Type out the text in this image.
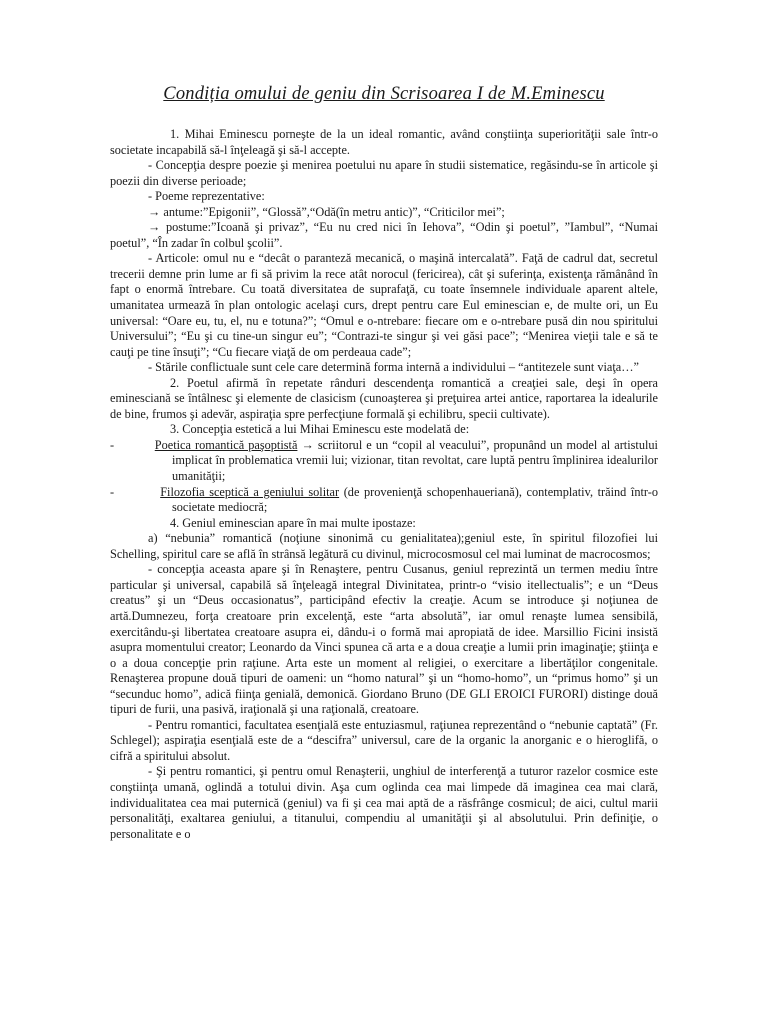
Condiția omului de geniu din Scrisoarea I de M.Eminescu

1. Mihai Eminescu porneşte de la un ideal romantic, având conştiinţa superiorităţii sale într-o societate incapabilă să-l înţeleagă şi să-l accepte.

- Concepţia despre poezie şi menirea poetului nu apare în studii sistematice, regăsindu-se în articole şi poezii din diverse perioade;

- Poeme reprezentative:

→ antume:”Epigonii”, “Glossă”,“Odă(în metru antic)”, “Criticilor mei”;

→ postume:”Icoană şi privaz”, “Eu nu cred nici în Iehova”, “Odin şi poetul”, ”Iambul”, “Numai poetul”, “În zadar în colbul şcolii”.

- Articole: omul nu e “decât o paranteză mecanică, o maşină intercalată”. Faţă de cadrul dat, secretul trecerii demne prin lume ar fi să privim la rece atât norocul (fericirea), cât şi suferinţa, existenţa rămânând în fapt o enormă întrebare. Cu toată diversitatea de suprafaţă, cu toate însemnele individuale aparent altele, umanitatea urmează în plan ontologic acelaşi curs, drept pentru care Eul eminescian e, de multe ori, un Eu universal: “Oare eu, tu, el, nu e totuna?”; “Omul e o-ntrebare: fiecare om e o-ntrebare pusă din nou spiritului Universului”; “Eu şi cu tine-un singur eu”; “Contrazi-te singur şi vei găsi pace”; “Menirea vieţii tale e să te cauţi pe tine însuţi”; “Cu fiecare viaţă de om perdeaua cade”;

- Stările conflictuale sunt cele care determină forma internă a individului – “antitezele sunt viaţa…”

2. Poetul afirmă în repetate rânduri descendenţa romantică a creaţiei sale, deşi în opera eminesciană se întâlnesc şi elemente de clasicism (cunoaşterea şi preţuirea artei antice, raportarea la idealurile de bine, frumos şi adevăr, aspiraţia spre perfecţiune formală şi echilibru, specii cultivate).

3. Concepţia estetică a lui Mihai Eminescu este modelată de:

-          Poetica romantică paşoptistă → scriitorul e un “copil al veacului”, propunând un model al artistului implicat în problematica vremii lui; vizionar, titan revoltat, care luptă pentru împlinirea idealurilor umanităţii;

-          Filozofia sceptică a geniului solitar (de provenienţă schopenhaueriană), contemplativ, trăind într-o societate mediocră;

4. Geniul eminescian apare în mai multe ipostaze:

a) “nebunia” romantică (noţiune sinonimă cu genialitatea);geniul este, în spiritul filozofiei lui Schelling, spiritul care se află în strânsă legătură cu divinul, microcosmosul cel mai luminat de macrocosmos;

- concepţia aceasta apare şi în Renaştere, pentru Cusanus, geniul reprezintă un termen mediu între particular şi universal, capabilă să înţeleagă integral Divinitatea, printr-o “visio itellectualis”; e un “Deus creatus” şi un “Deus occasionatus”, participând efectiv la creaţie. Acum se introduce şi noţiunea de artă.Dumnezeu, forţa creatoare prin excelenţă, este “arta absolută”, iar omul renaşte lumea sensibilă, exercitându-şi libertatea creatoare asupra ei, dându-i o formă mai apropiată de idee. Marsillio Ficini insistă asupra momentului creator; Leonardo da Vinci spunea că arta e a doua creaţie a lumii prin imaginaţie; ştiinţa e o a doua concepţie prin raţiune. Arta este un moment al religiei, o exercitare a libertăţilor congenitale. Renaşterea propune două tipuri de oameni: un “homo natural” şi un “homo-homo”, un “primus homo” şi un “secunduc homo”, adică fiinţa genială, demonică. Giordano Bruno (DE GLI EROICI FURORI) distinge două tipuri de furii, una pasivă, iraţională şi una raţională, creatoare.

- Pentru romantici, facultatea esenţială este entuziasmul, raţiunea reprezentând o “nebunie captată” (Fr. Schlegel); aspiraţia esenţială este de a “descifra” universul, care de la organic la anorganic e o hieroglifă, o cifră a spiritului absolut.

- Şi pentru romantici, şi pentru omul Renaşterii, unghiul de interferenţă a tuturor razelor cosmice este conştiinţa umană, oglindă a totului divin. Aşa cum oglinda cea mai limpede dă imaginea cea mai clară, individualitatea cea mai puternică (geniul) va fi şi cea mai aptă de a răsfrânge cosmicul; de aici, cultul marii personalităţi, exaltarea geniului, a titanului, compendiu al umanităţii şi al absolutului. Prin definiţie, o personalitate e o
